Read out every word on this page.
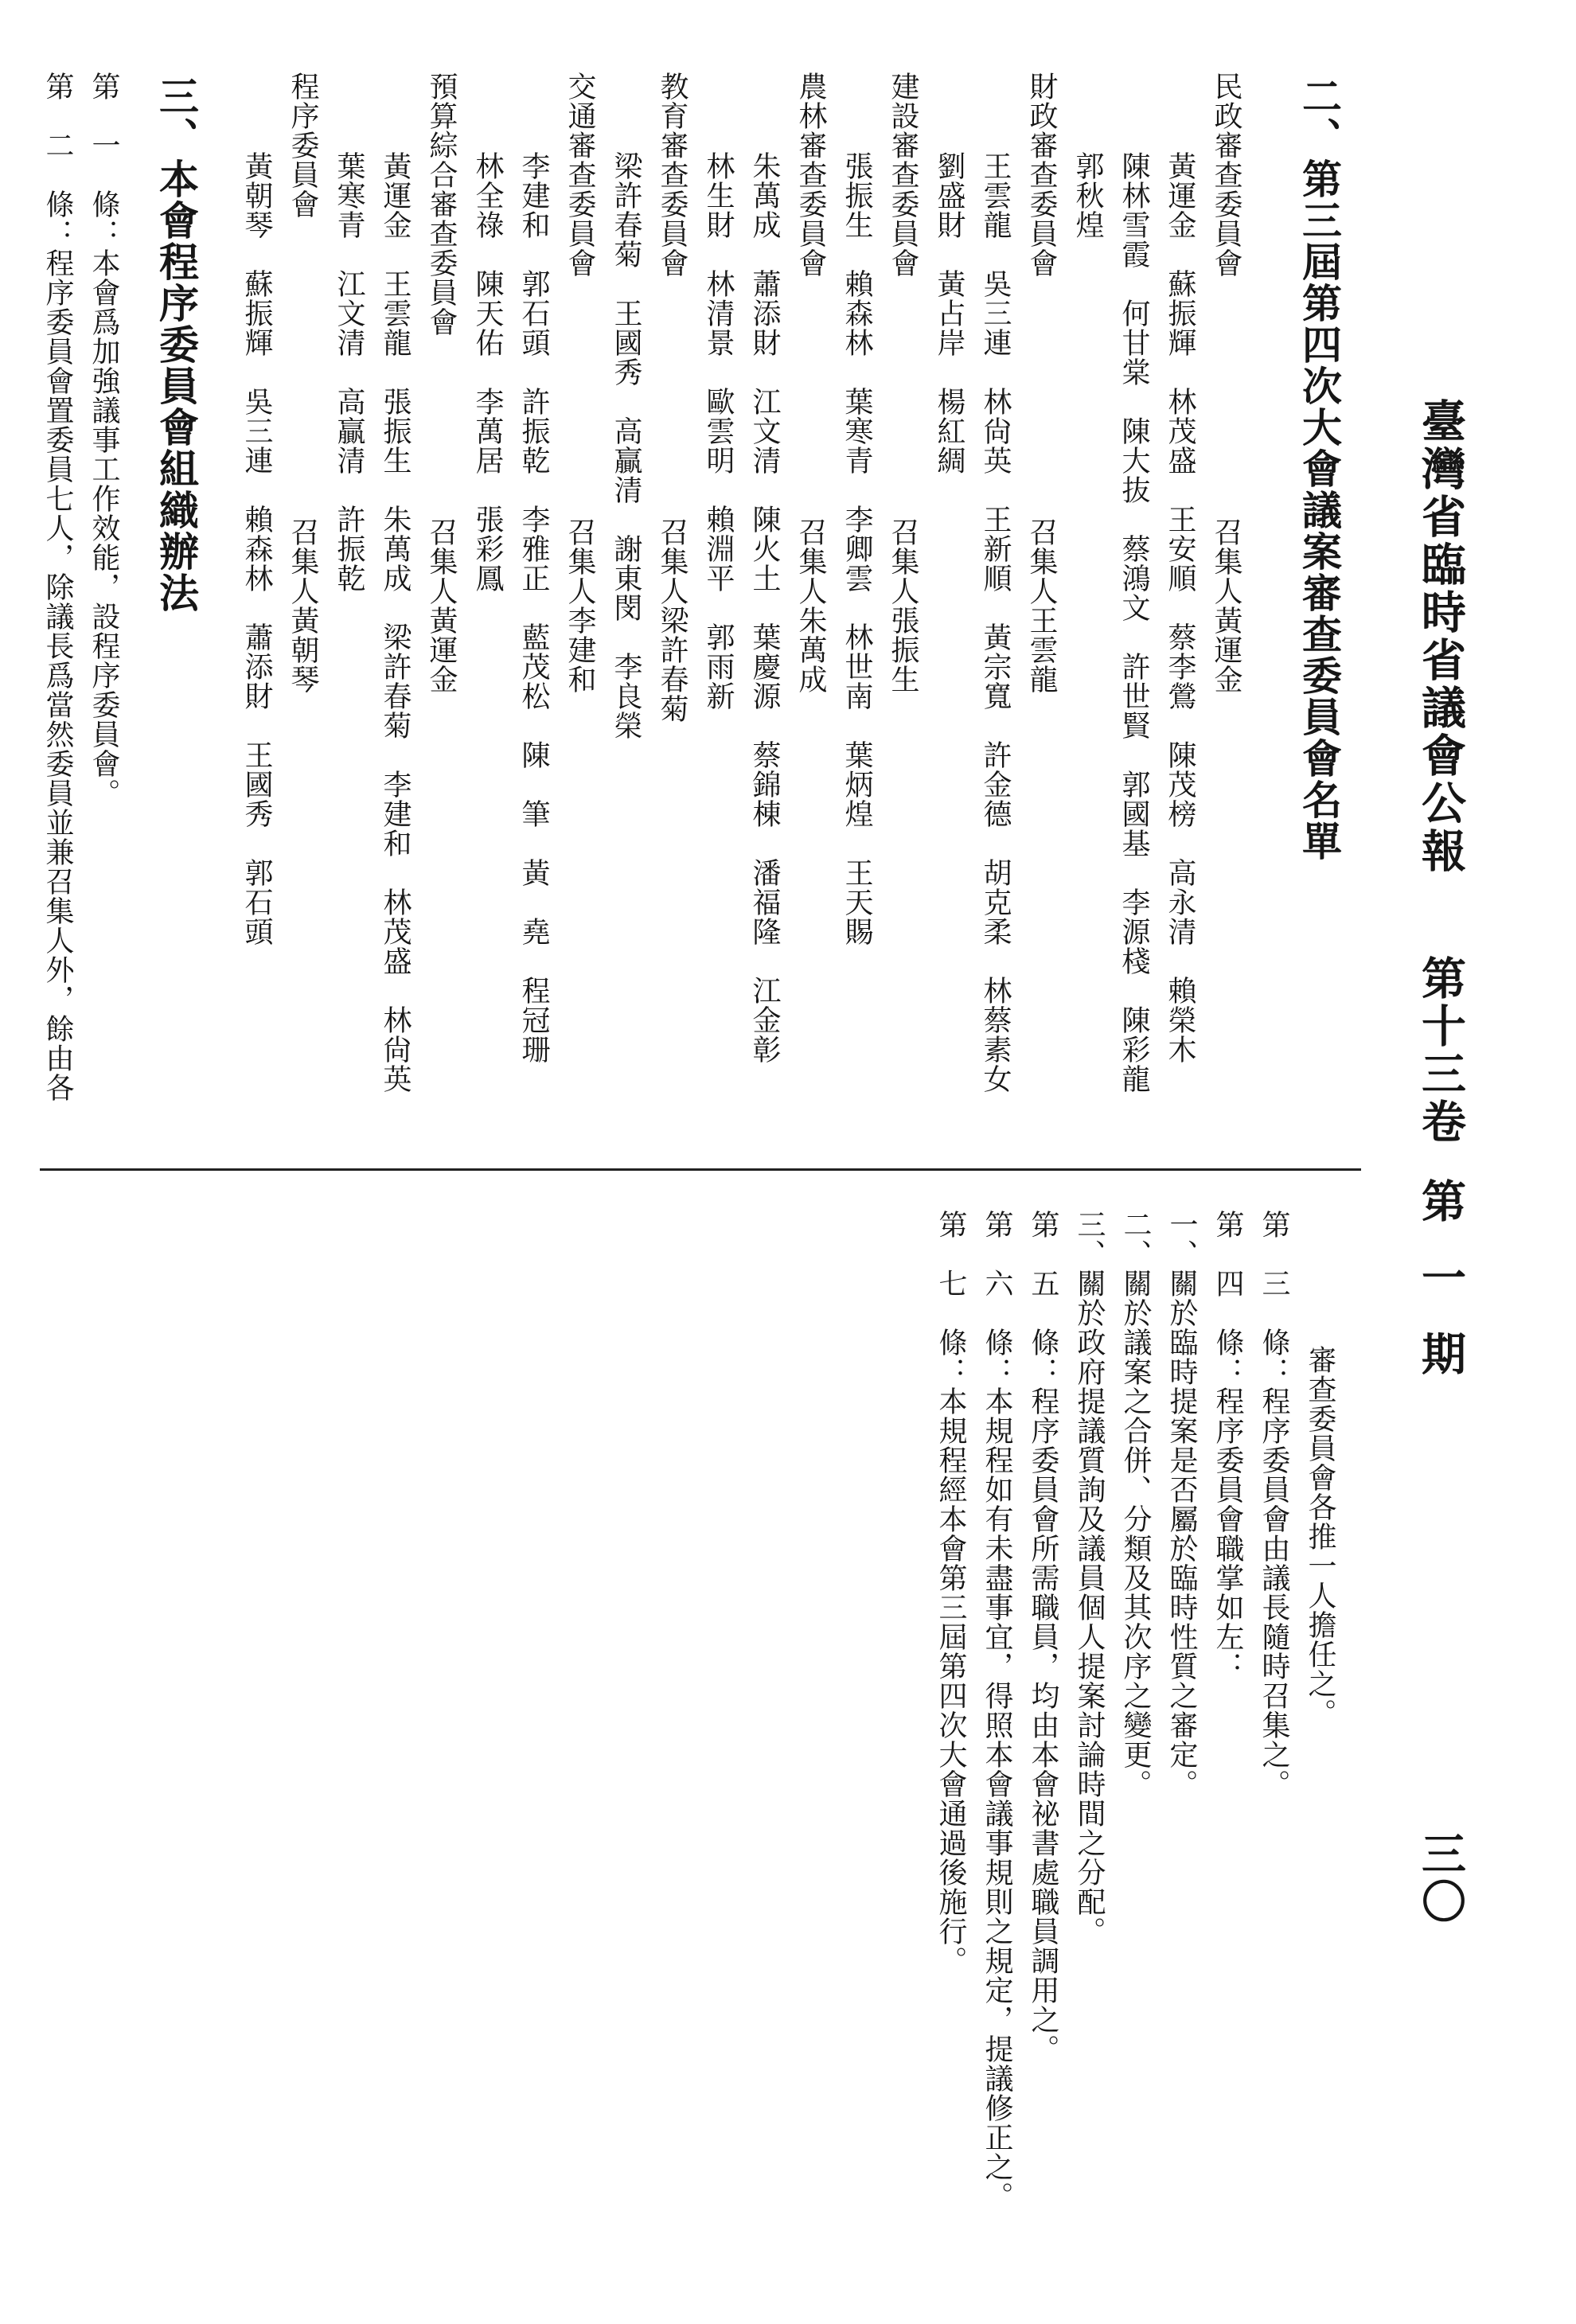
臺灣省臨時省議會公報
第十三卷
第一期
三〇
二、第三屆第四次大會議案審查委員會名單
民政審查委員會
召集人黃運金
黃運金　蘇振輝　林茂盛　王安順　蔡李鶯　陳茂榜　高永清　賴榮木
陳林雪霞　何甘棠　陳大抜　蔡鴻文　許世賢　郭國基　李源棧　陳彩龍
郭秋煌
財政審查委員會
召集人王雲龍
王雲龍　吳三連　林尙英　王新順　黃宗寬　許金德　胡克柔　林蔡素女
劉盛財　黃占岸　楊紅綢
建設審查委員會
召集人張振生
張振生　賴森林　葉寒青　李卿雲　林世南　葉炳煌　王天賜
農林審查委員會
召集人朱萬成
朱萬成　蕭添財　江文清　陳火土　葉慶源　蔡錦棟　潘福隆　江金彰
林生財　林清景　歐雲明　賴淵平　郭雨新
教育審查委員會
召集人梁許春菊
梁許春菊　王國秀　高贏清　謝東閔　李良榮
交通審查委員會
召集人李建和
李建和　郭石頭　許振乾　李雅正　藍茂松　陳　筆　黃　堯　程冠珊
林全祿　陳天佑　李萬居　張彩鳳
預算綜合審查委員會
召集人黃運金
黃運金　王雲龍　張振生　朱萬成　梁許春菊　李建和　林茂盛　林尙英
葉寒青　江文清　高贏清　許振乾
程序委員會
召集人黃朝琴
黃朝琴　蘇振輝　吳三連　賴森林　蕭添財　王國秀　郭石頭
三、本會程序委員會組織辦法
第　一　條：本會爲加強議事工作效能，設程序委員會。
第　二　條：程序委員會置委員七人，除議長爲當然委員並兼召集人外，餘由各
審查委員會各推一人擔任之。
第　三　條：程序委員會由議長隨時召集之。
第　四　條：程序委員會職掌如左：
一、關於臨時提案是否屬於臨時性質之審定。
二、關於議案之合併、分類及其次序之變更。
三、關於政府提議質詢及議員個人提案討論時間之分配。
第　五　條：程序委員會所需職員，均由本會祕書處職員調用之。
第　六　條：本規程如有未盡事宜，得照本會議事規則之規定，提議修正之。
第　七　條：本規程經本會第三屆第四次大會通過後施行。
